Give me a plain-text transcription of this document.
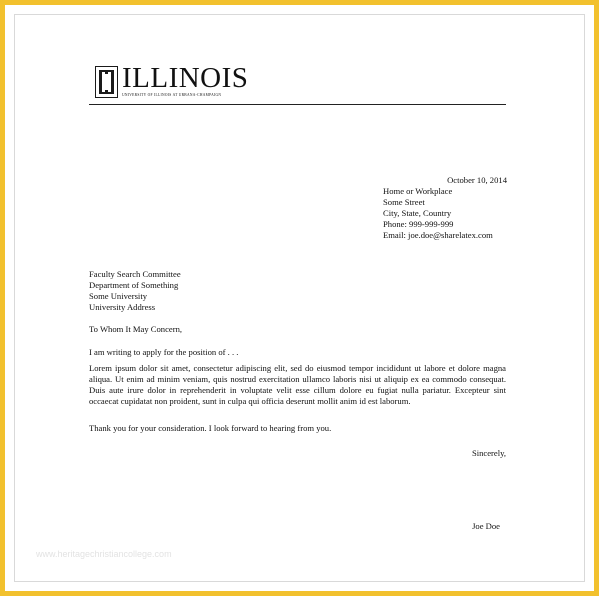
ILLINOIS
UNIVERSITY OF ILLINOIS AT URBANA-CHAMPAIGN
October 10, 2014
Home or Workplace
Some Street
City, State, Country
Phone: 999-999-999
Email: joe.doe@sharelatex.com
Faculty Search Committee
Department of Something
Some University
University Address
To Whom It May Concern,
I am writing to apply for the position of . . .
Lorem ipsum dolor sit amet, consectetur adipiscing elit, sed do eiusmod tempor incididunt ut labore et dolore magna aliqua. Ut enim ad minim veniam, quis nostrud exercitation ullamco laboris nisi ut aliquip ex ea commodo consequat. Duis aute irure dolor in reprehenderit in voluptate velit esse cillum dolore eu fugiat nulla pariatur. Excepteur sint occaecat cupidatat non proident, sunt in culpa qui officia deserunt mollit anim id est laborum.
Thank you for your consideration. I look forward to hearing from you.
Sincerely,
Joe Doe
www.heritagechristiancollege.com
